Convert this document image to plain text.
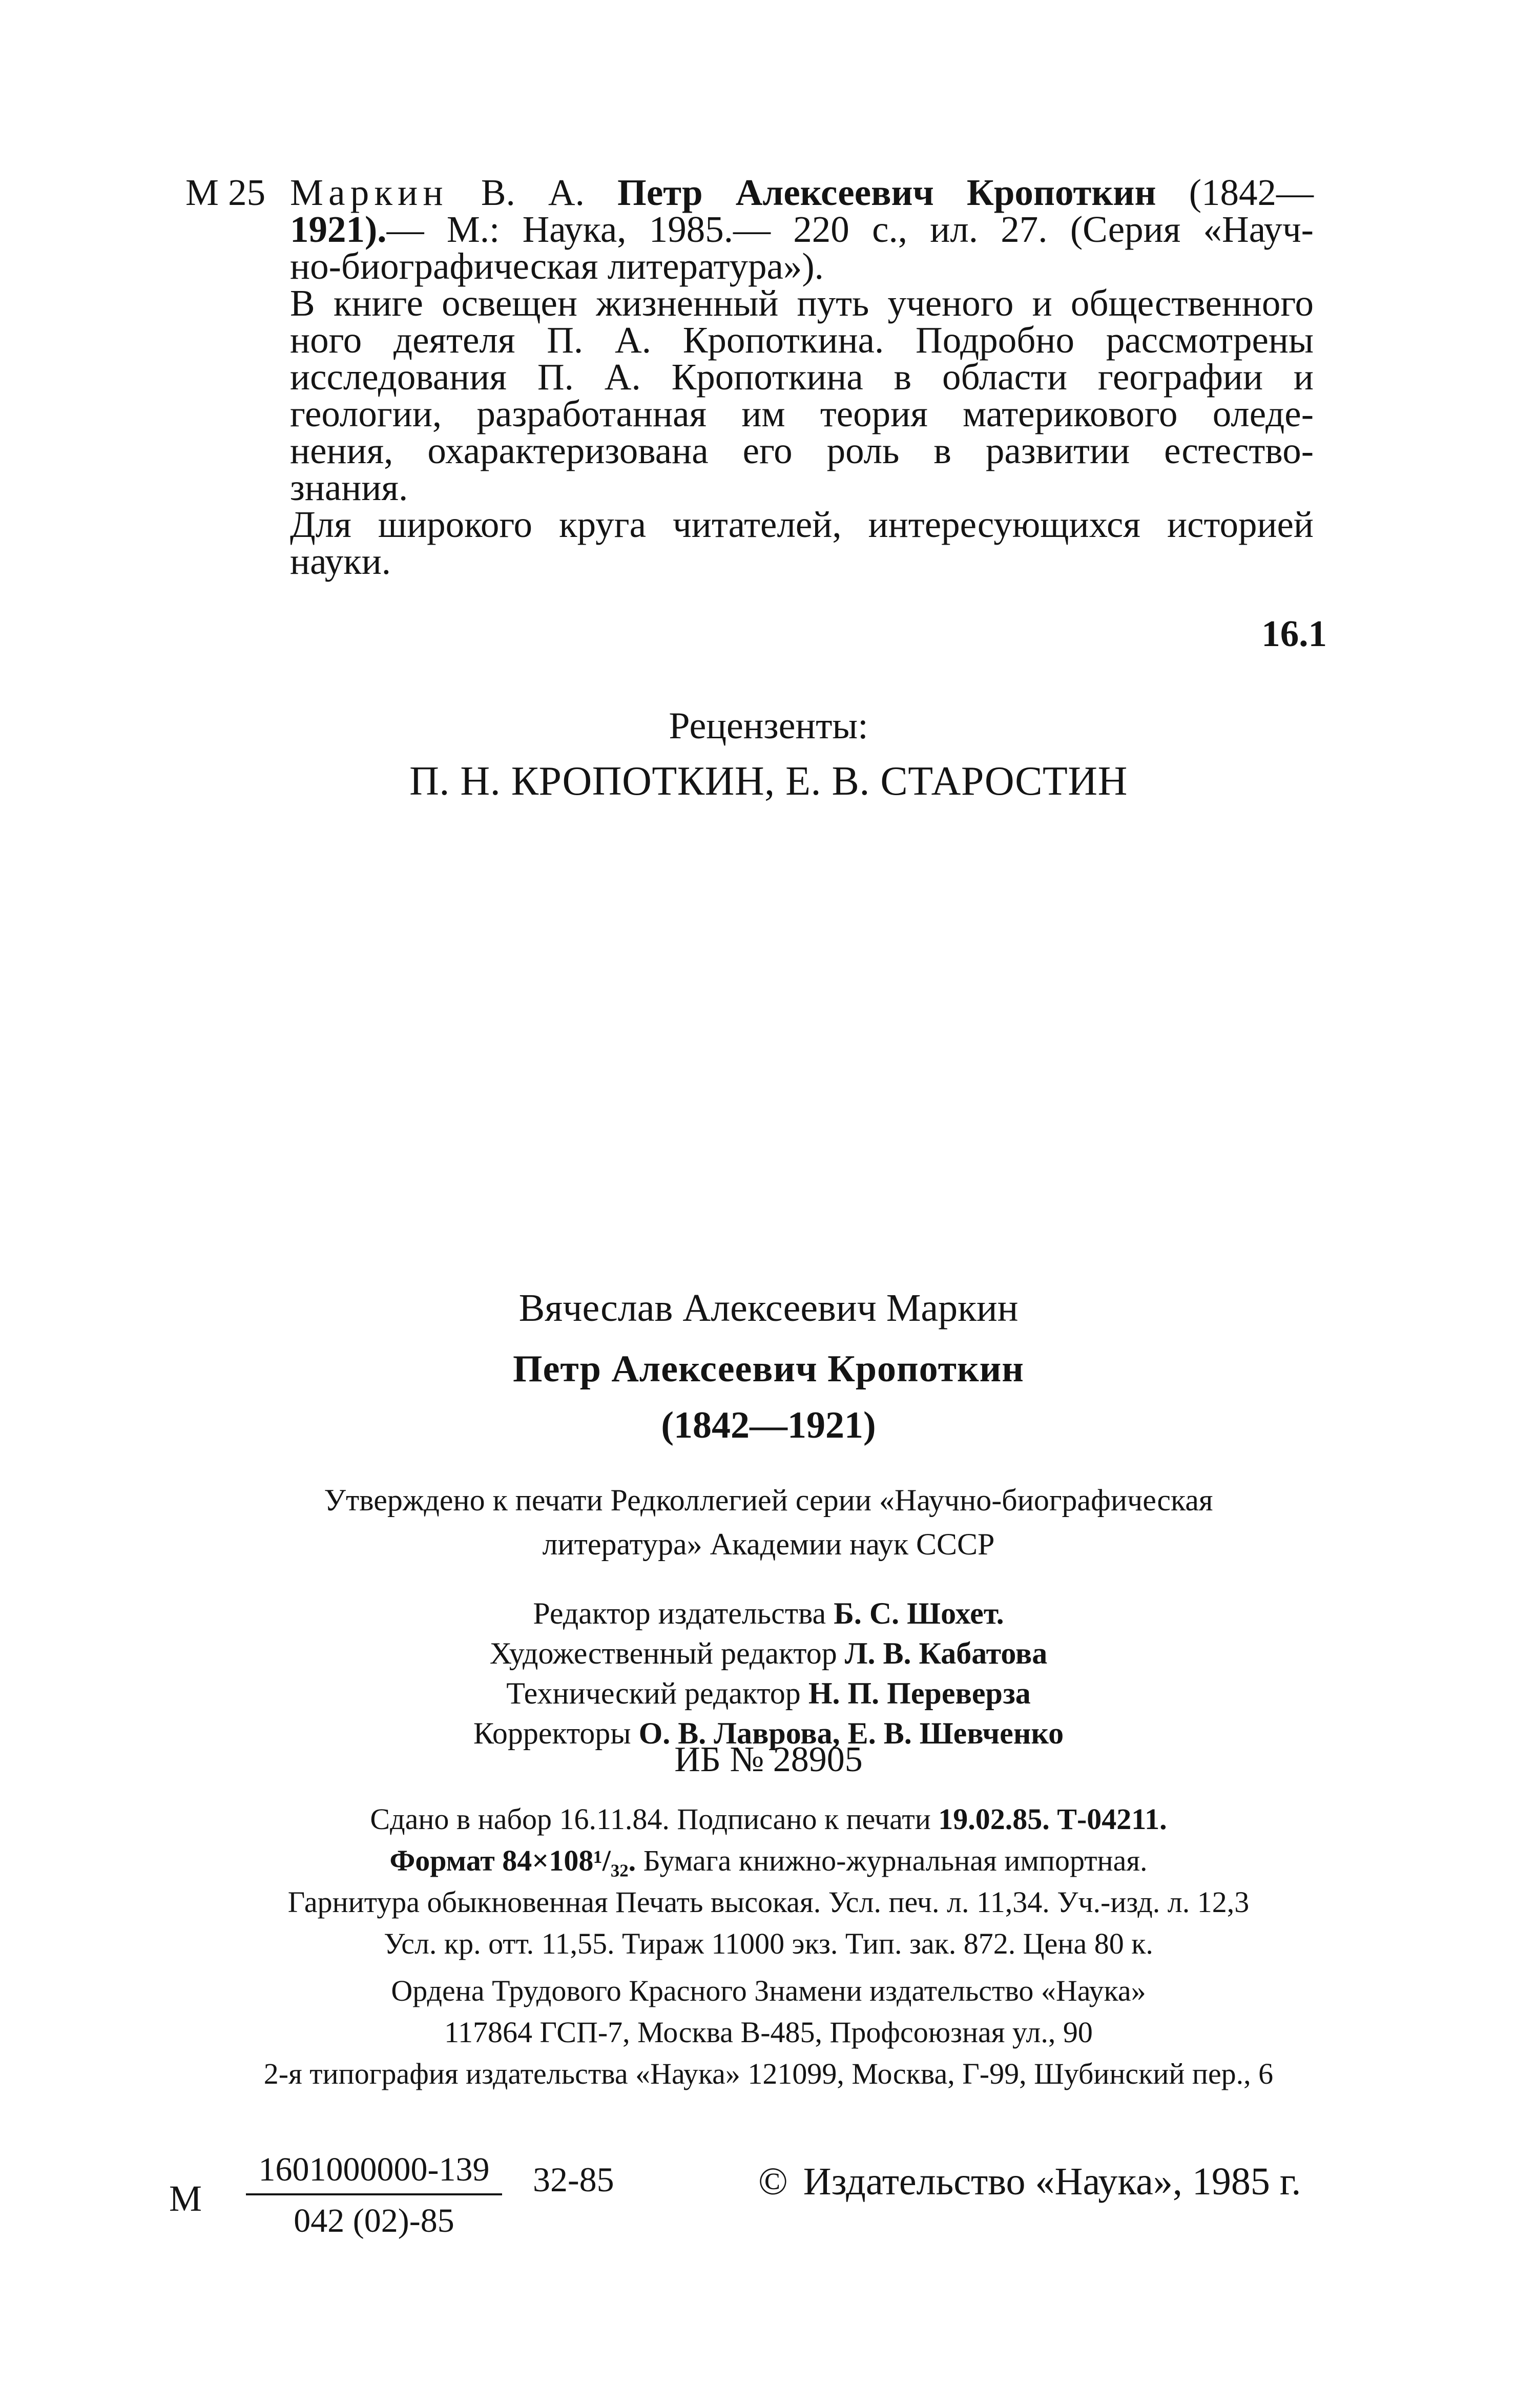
М 25 Маркин В. А. Петр Алексеевич Кропоткин (1842—
1921).— М.: Наука, 1985.— 220 с., ил. 27. (Серия «Науч-
но-биографическая литература»).
В книге освещен жизненный путь ученого и общественного
ного деятеля П. А. Кропоткина. Подробно рассмотрены
исследования П. А. Кропоткина в области географии и
геологии, разработанная им теория материкового оледе-
нения, охарактеризована его роль в развитии естество-
знания.
Для широкого круга читателей, интересующихся историей
науки.
16.1
Рецензенты:
П. Н. КРОПОТКИН, Е. В. СТАРОСТИН
Вячеслав Алексеевич Маркин
Петр Алексеевич Кропоткин
(1842—1921)
Утверждено к печати Редколлегией серии «Научно-биографическая
литература» Академии наук СССР
Редактор издательства Б. С. Шохет.
Художественный редактор Л. В. Кабатова
Технический редактор Н. П. Переверза
Корректоры О. В. Лаврова, Е. В. Шевченко
ИБ № 28905
Сдано в набор 16.11.84. Подписано к печати 19.02.85. Т-04211.
Формат 84×108¹/₃₂. Бумага книжно-журнальная импортная.
Гарнитура обыкновенная Печать высокая. Усл. печ. л. 11,34. Уч.-изд. л. 12,3
Усл. кр. отт. 11,55. Тираж 11000 экз. Тип. зак. 872. Цена 80 к.
Ордена Трудового Красного Знамени издательство «Наука»
117864 ГСП-7, Москва В-485, Профсоюзная ул., 90
2-я типография издательства «Наука» 121099, Москва, Г-99, Шубинский пер., 6
М
1601000000-139
042 (02)-85
32-85	© Издательство «Наука», 1985 г.
